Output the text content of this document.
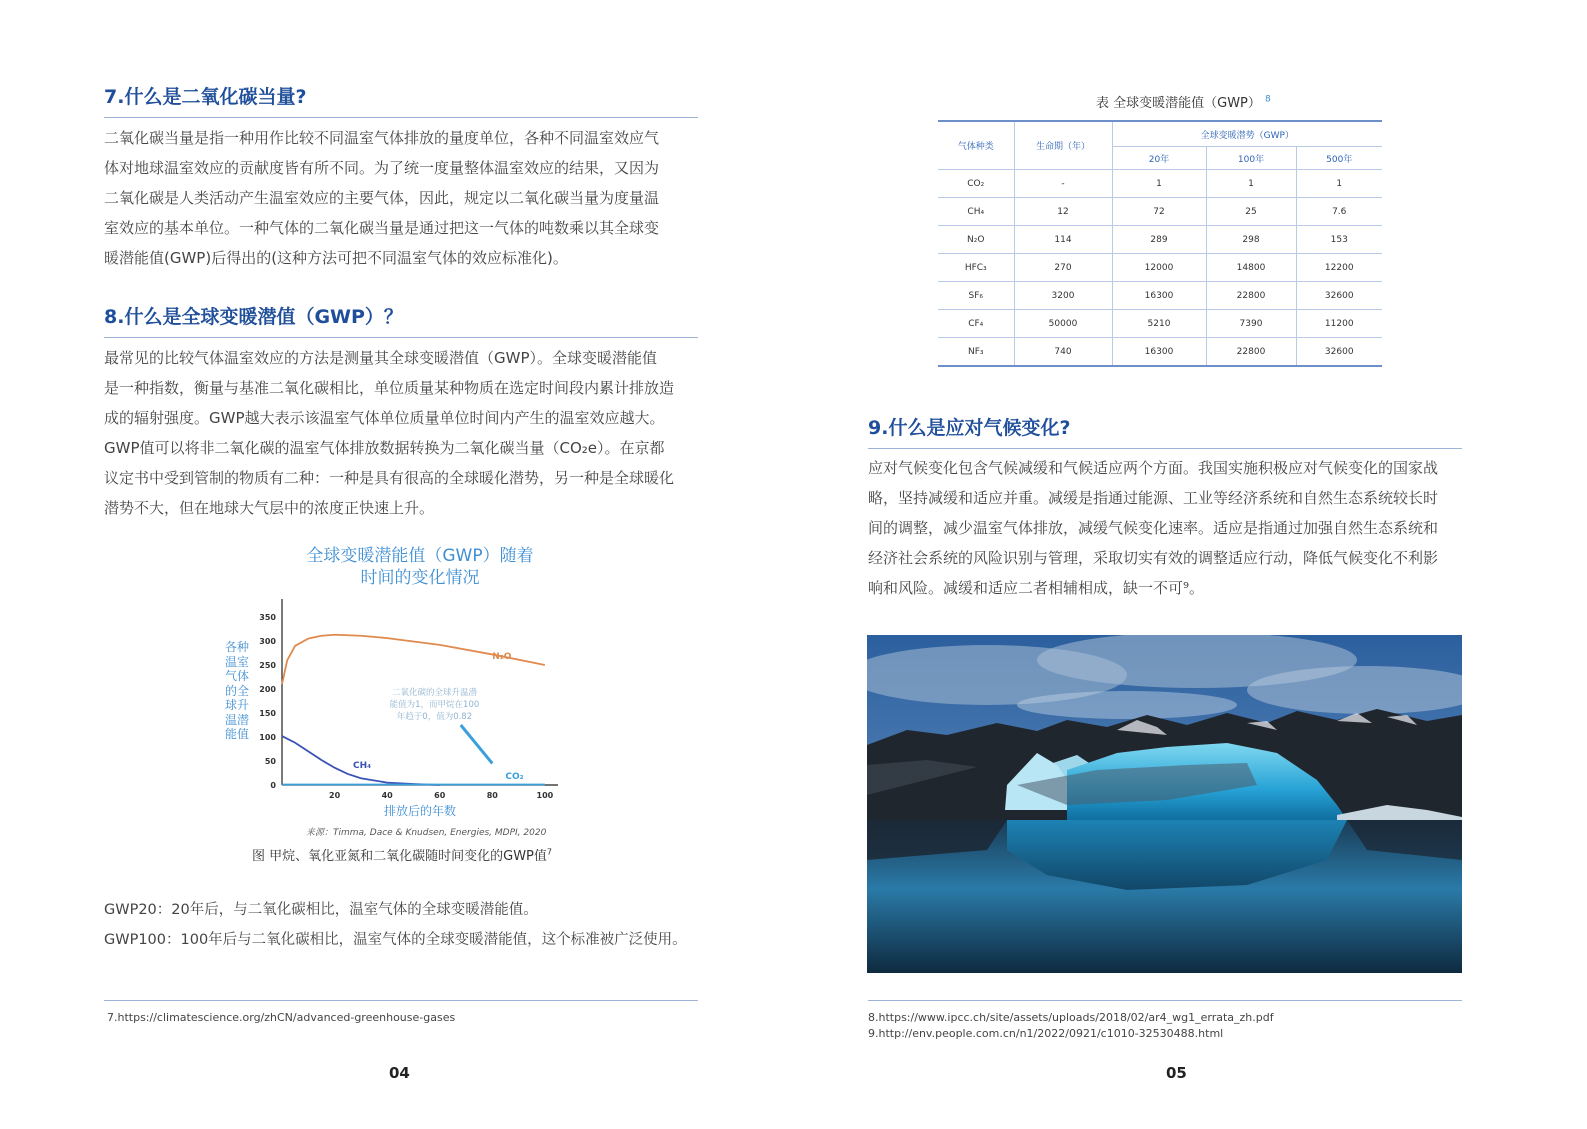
7.什么是二氧化碳当量?

二氧化碳当量是指一种用作比较不同温室气体排放的量度单位，各种不同温室效应气
体对地球温室效应的贡献度皆有所不同。为了统一度量整体温室效应的结果，又因为
二氧化碳是人类活动产生温室效应的主要气体，因此，规定以二氧化碳当量为度量温
室效应的基本单位。一种气体的二氧化碳当量是通过把这一气体的吨数乘以其全球变
暖潜能值(GWP)后得出的(这种方法可把不同温室气体的效应标准化)。

8.什么是全球变暖潜值（GWP）？

最常见的比较气体温室效应的方法是测量其全球变暖潜值（GWP）。全球变暖潜能值
是一种指数，衡量与基准二氧化碳相比，单位质量某种物质在选定时间段内累计排放造
成的辐射强度。GWP越大表示该温室气体单位质量单位时间内产生的温室效应越大。
GWP值可以将非二氧化碳的温室气体排放数据转换为二氧化碳当量（CO₂e）。在京都
议定书中受到管制的物质有二种：一种是具有很高的全球暖化潜势，另一种是全球暖化
潜势不大，但在地球大气层中的浓度正快速上升。

全球变暖潜能值（GWP）随着
时间的变化情况
各种温室气体的全球升温潜能值
0
50
100
150
200
250
300
350
20	40	60	80	100
排放后的年数
N₂O
CH₄
CO₂
二氧化碳的全球升温潜
能值为1，而甲烷在100
年趋于0，值为0.82
来源：Timma, Dace & Knudsen, Energies, MDPI, 2020
图 甲烷、氧化亚氮和二氧化碳随时间变化的GWP值$^7$
GWP20：20年后，与二氧化碳相比，温室气体的全球变暖潜能值。
GWP100：100年后与二氧化碳相比，温室气体的全球变暖潜能值，这个标准被广泛使用。
7.https://climatescience.org/zhCN/advanced-greenhouse-gases
04
表 全球变暖潜能值（GWP） $^8$
气体种类	生命期（年）	全球变暖潜势（GWP）		
		20年	100年	500年
CO₂	-	1	1	1
CH₄	12	72	25	7.6
N₂O	114	289	298	153
HFC₃	270	12000	14800	12200
SF₆	3200	16300	22800	32600
CF₄	50000	5210	7390	11200
NF₃	740	16300	22800	32600
9.什么是应对气候变化?

应对气候变化包含气候减缓和气候适应两个方面。我国实施积极应对气候变化的国家战
略，坚持减缓和适应并重。减缓是指通过能源、工业等经济系统和自然生态系统较长时
间的调整，减少温室气体排放，减缓气候变化速率。适应是指通过加强自然生态系统和
经济社会系统的风险识别与管理，采取切实有效的调整适应行动，降低气候变化不利影
响和风险。减缓和适应二者相辅相成，缺一不可⁹。

8.https://www.ipcc.ch/site/assets/uploads/2018/02/ar4_wg1_errata_zh.pdf
9.http://env.people.com.cn/n1/2022/0921/c1010-32530488.html
05
